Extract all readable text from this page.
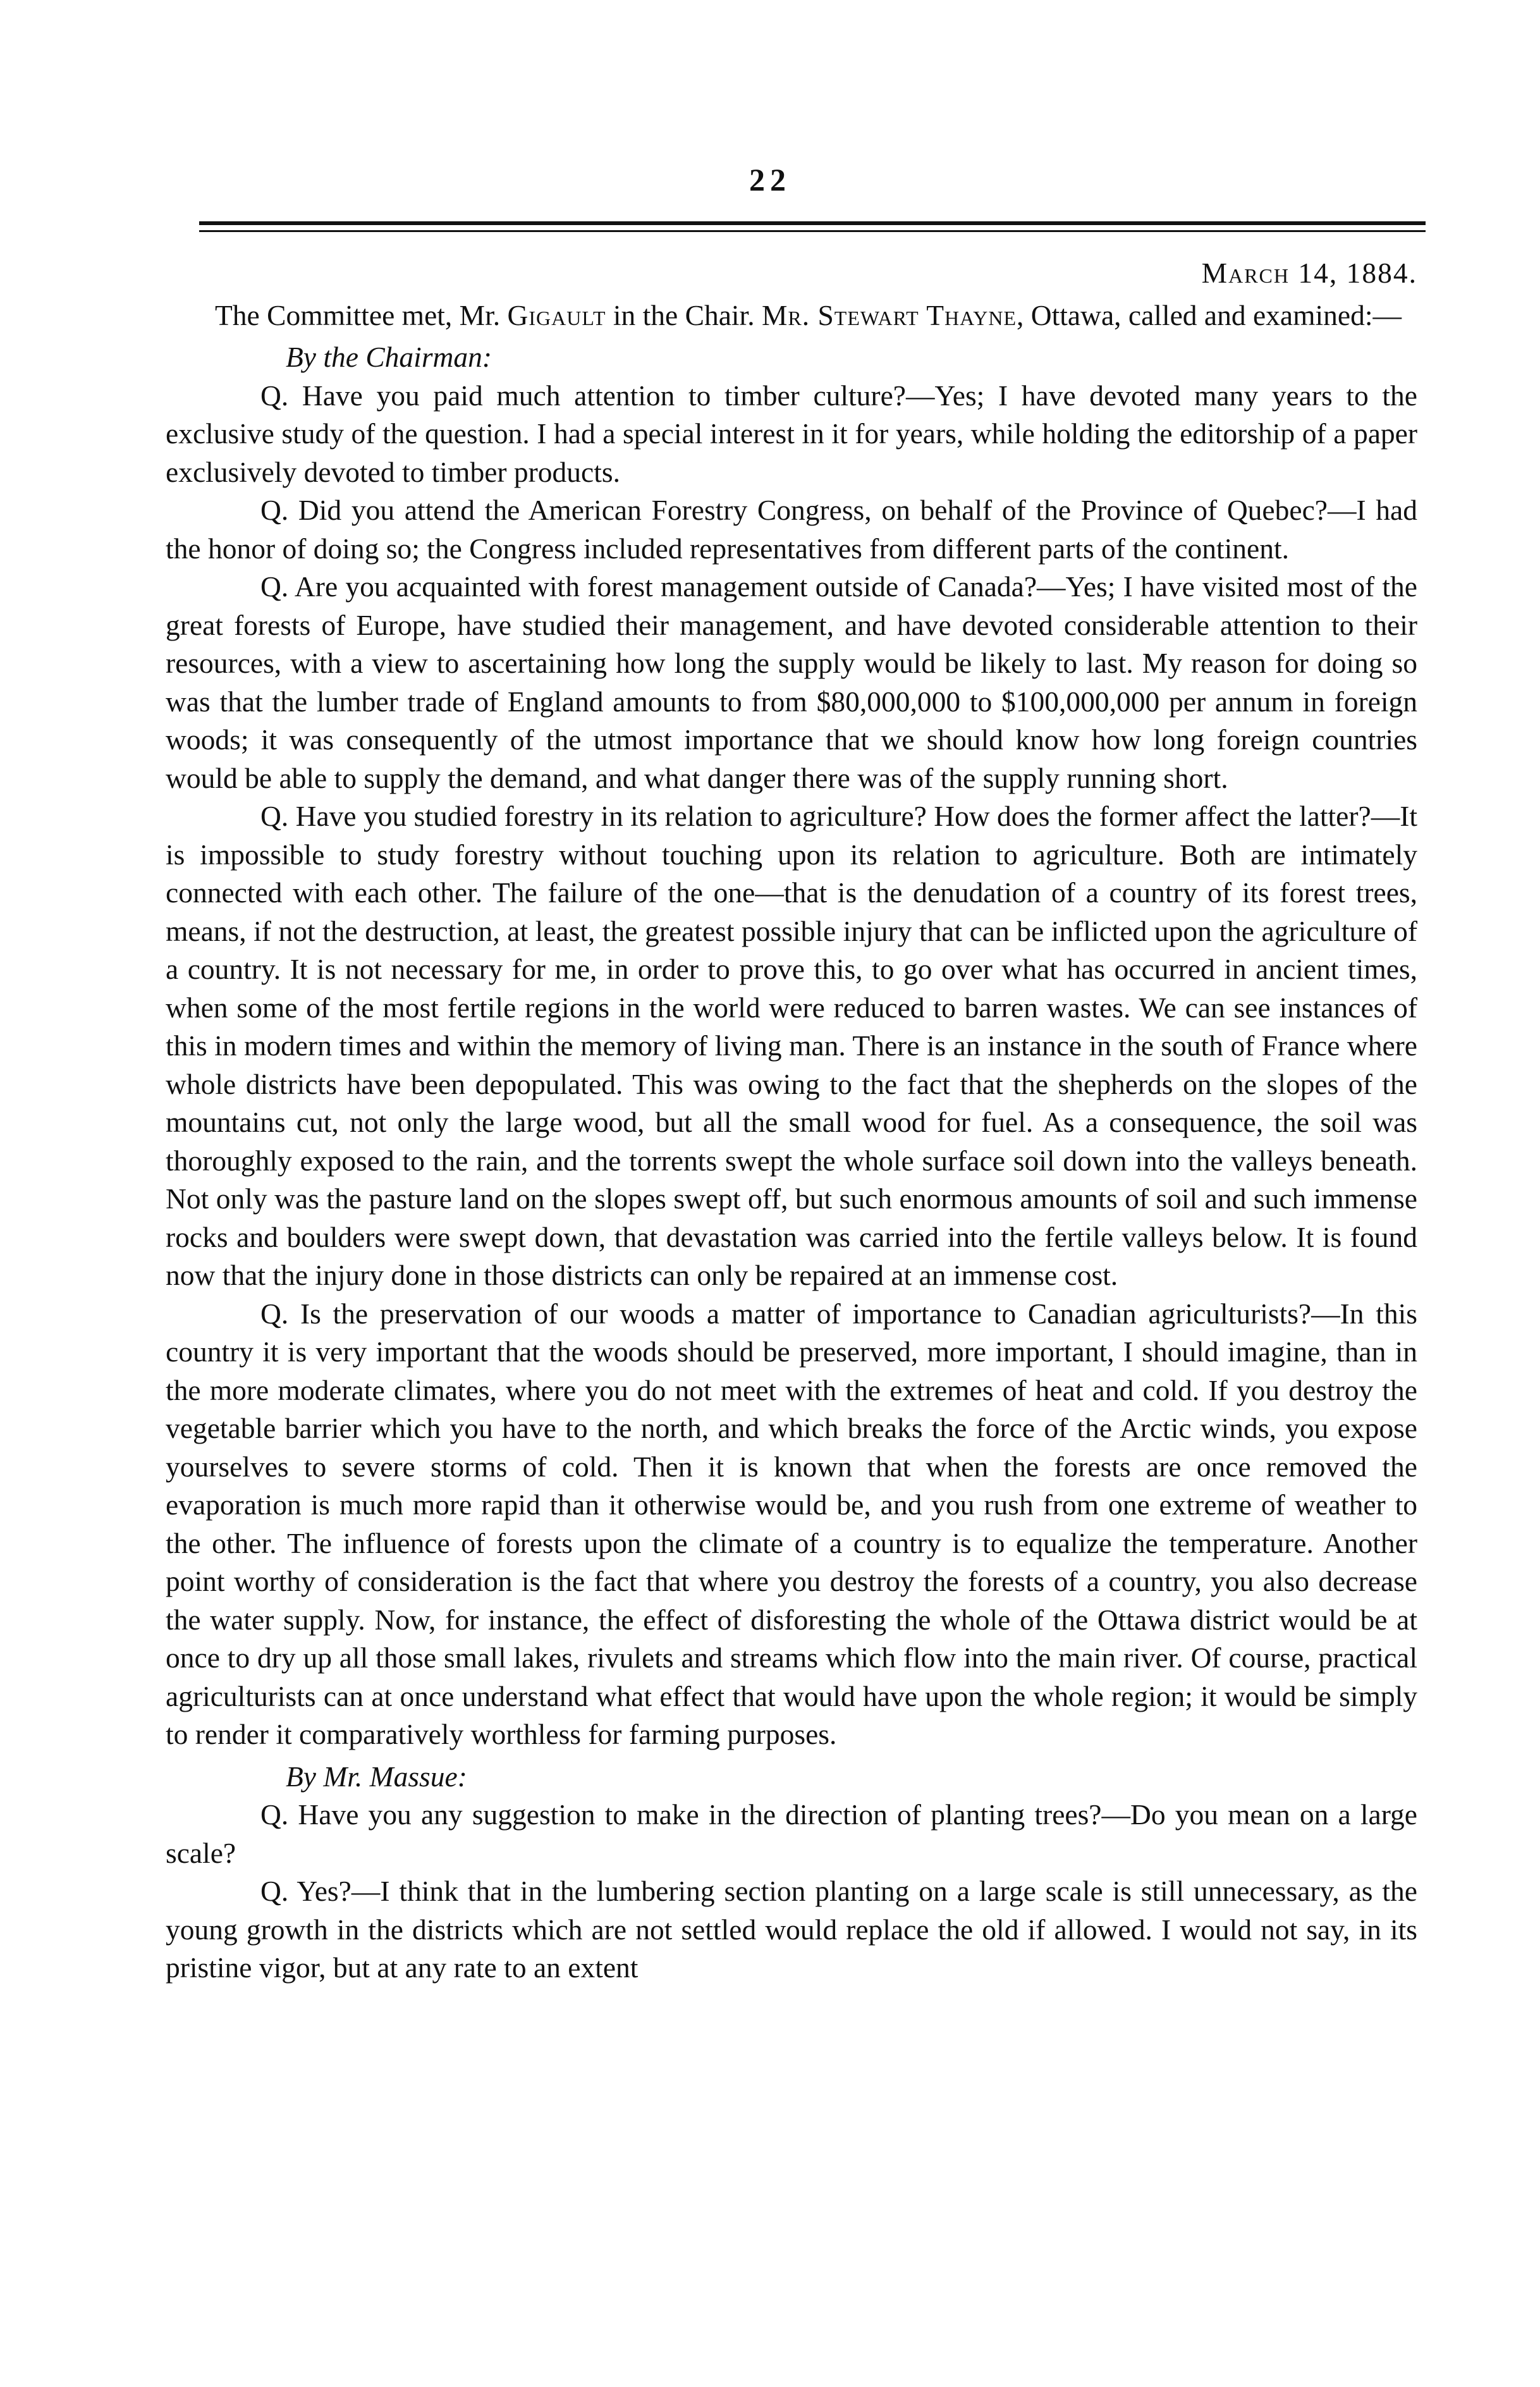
22

March 14, 1884.

The Committee met, Mr. Gigault in the Chair. Mr. Stewart Thayne, Ottawa, called and examined:—

By the Chairman:

Q. Have you paid much attention to timber culture?—Yes; I have devoted many years to the exclusive study of the question. I had a special interest in it for years, while holding the editorship of a paper exclusively devoted to timber products.

Q. Did you attend the American Forestry Congress, on behalf of the Province of Quebec?—I had the honor of doing so; the Congress included representatives from different parts of the continent.

Q. Are you acquainted with forest management outside of Canada?—Yes; I have visited most of the great forests of Europe, have studied their management, and have devoted considerable attention to their resources, with a view to ascertaining how long the supply would be likely to last. My reason for doing so was that the lumber trade of England amounts to from $80,000,000 to $100,000,000 per annum in foreign woods; it was consequently of the utmost importance that we should know how long foreign countries would be able to supply the demand, and what danger there was of the supply running short.

Q. Have you studied forestry in its relation to agriculture? How does the former affect the latter?—It is impossible to study forestry without touching upon its relation to agriculture. Both are intimately connected with each other. The failure of the one—that is the denudation of a country of its forest trees, means, if not the destruction, at least, the greatest possible injury that can be inflicted upon the agriculture of a country. It is not necessary for me, in order to prove this, to go over what has occurred in ancient times, when some of the most fertile regions in the world were reduced to barren wastes. We can see instances of this in modern times and within the memory of living man. There is an instance in the south of France where whole districts have been depopulated. This was owing to the fact that the shepherds on the slopes of the mountains cut, not only the large wood, but all the small wood for fuel. As a consequence, the soil was thoroughly exposed to the rain, and the torrents swept the whole surface soil down into the valleys beneath. Not only was the pasture land on the slopes swept off, but such enormous amounts of soil and such immense rocks and boulders were swept down, that devastation was carried into the fertile valleys below. It is found now that the injury done in those districts can only be repaired at an immense cost.

Q. Is the preservation of our woods a matter of importance to Canadian agriculturists?—In this country it is very important that the woods should be preserved, more important, I should imagine, than in the more moderate climates, where you do not meet with the extremes of heat and cold. If you destroy the vegetable barrier which you have to the north, and which breaks the force of the Arctic winds, you expose yourselves to severe storms of cold. Then it is known that when the forests are once removed the evaporation is much more rapid than it otherwise would be, and you rush from one extreme of weather to the other. The influence of forests upon the climate of a country is to equalize the temperature. Another point worthy of consideration is the fact that where you destroy the forests of a country, you also decrease the water supply. Now, for instance, the effect of disforesting the whole of the Ottawa district would be at once to dry up all those small lakes, rivulets and streams which flow into the main river. Of course, practical agriculturists can at once understand what effect that would have upon the whole region; it would be simply to render it comparatively worthless for farming purposes.

By Mr. Massue:

Q. Have you any suggestion to make in the direction of planting trees?—Do you mean on a large scale?

Q. Yes?—I think that in the lumbering section planting on a large scale is still unnecessary, as the young growth in the districts which are not settled would replace the old if allowed. I would not say, in its pristine vigor, but at any rate to an extent
